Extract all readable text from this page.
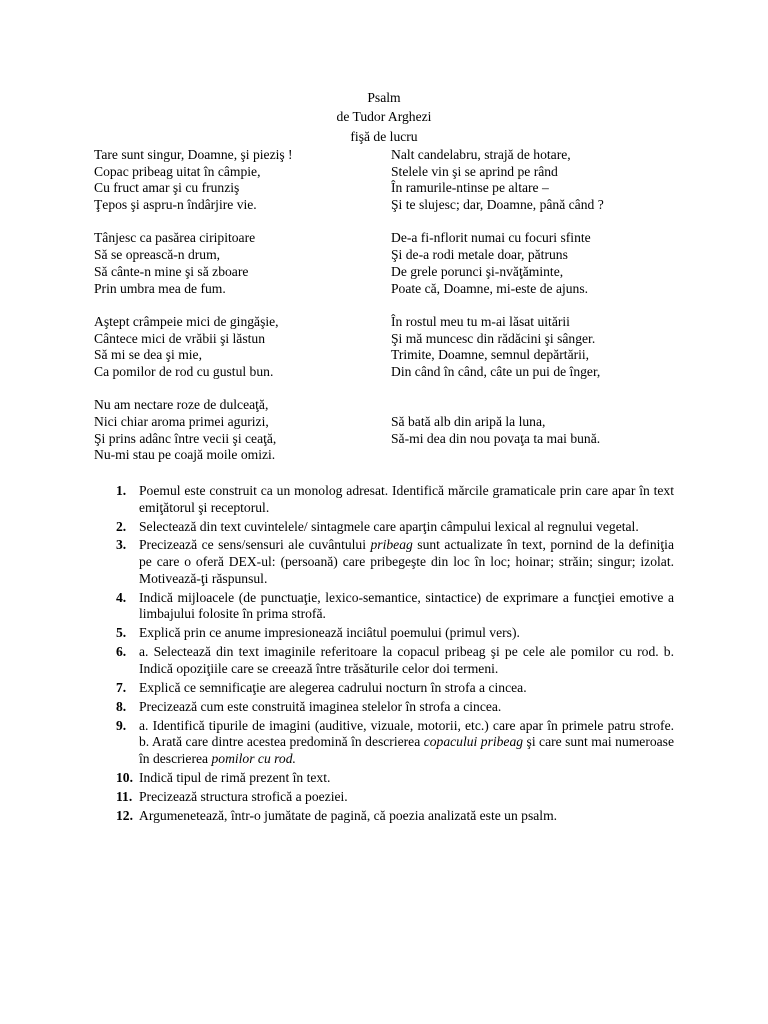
Psalm
de Tudor Arghezi
fişă de lucru
Tare sunt singur, Doamne, şi pieziş !
Copac pribeag uitat în câmpie,
Cu fruct amar şi cu frunziş
Ţepos şi aspru-n îndârjire vie.
Tânjesc ca pasărea ciripitoare
Să se oprească-n drum,
Să cânte-n mine şi să zboare
Prin umbra mea de fum.
Aştept crâmpeie mici de gingăşie,
Cântece mici de vrăbii şi lăstun
Să mi se dea şi mie,
Ca pomilor de rod cu gustul bun.
Nu am nectare roze de dulceaţă,
Nici chiar aroma primei agurizi,
Şi prins adânc între vecii şi ceaţă,
Nu-mi stau pe coajă moile omizi.
Nalt candelabru, strajă de hotare,
Stelele vin şi se aprind pe rând
În ramurile-ntinse pe altare –
Şi te slujesc; dar, Doamne, până când ?
De-a fi-nflorit numai cu focuri sfinte
Şi de-a rodi metale doar, pătruns
De grele porunci şi-nvăţăminte,
Poate că, Doamne, mi-este de ajuns.
În rostul meu tu m-ai lăsat uitării
Şi mă muncesc din rădăcini şi sânger.
Trimite, Doamne, semnul depărtării,
Din când în când, câte un pui de înger,
Să bată alb din aripă la luna,
Să-mi dea din nou povaţa ta mai bună.
1. Poemul este construit ca un monolog adresat. Identifică mărcile gramaticale prin care apar în text emiţătorul şi receptorul.
2. Selectează din text cuvintelele/ sintagmele care aparţin câmpului lexical al regnului vegetal.
3. Precizează ce sens/sensuri ale cuvântului pribeag sunt actualizate în text, pornind de la definiţia pe care o oferă DEX-ul: (persoană) care pribegeşte din loc în loc; hoinar; străin; singur; izolat. Motivează-ţi răspunsul.
4. Indică mijloacele (de punctuaţie, lexico-semantice, sintactice) de exprimare a funcţiei emotive a limbajului folosite în prima strofă.
5. Explică prin ce anume impresionează inciâtul poemului (primul vers).
6. a. Selectează din text imaginile referitoare la copacul pribeag şi pe cele ale pomilor cu rod. b. Indică opoziţiile care se creează între trăsăturile celor doi termeni.
7. Explică ce semnificaţie are alegerea cadrului nocturn în strofa a cincea.
8. Precizează cum este construită imaginea stelelor în strofa a cincea.
9. a. Identifică tipurile de imagini (auditive, vizuale, motorii, etc.) care apar în primele patru strofe. b. Arată care dintre acestea predomină în descrierea copacului pribeag şi care sunt mai numeroase în descrierea pomilor cu rod.
10. Indică tipul de rimă prezent în text.
11. Precizează structura strofică a poeziei.
12. Argumenetează, într-o jumătate de pagină, că poezia analizată este un psalm.
